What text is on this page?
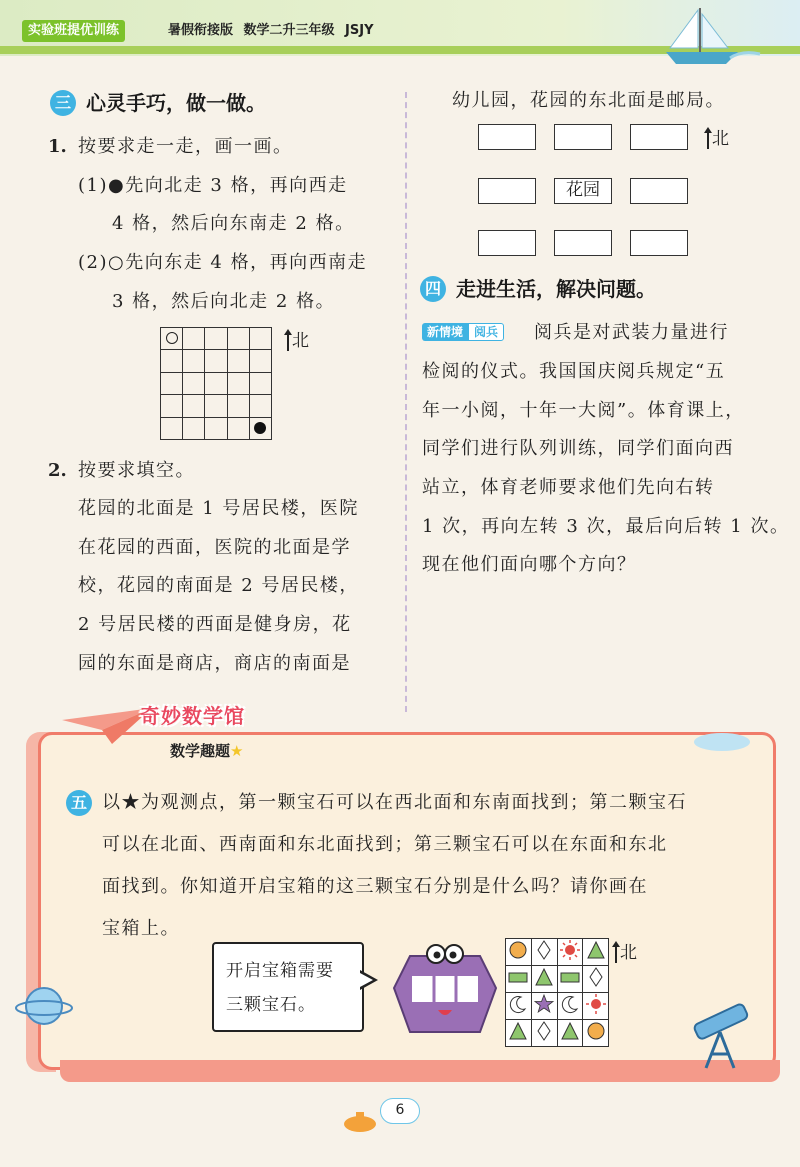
实验班提优训练	暑假衔接版 数学二升三年级 JSJY
三 心灵手巧，做一做。
1. 按要求走一走，画一画。
(1)●先向北走 3 格，再向西走
4 格，然后向东南走 2 格。
(2)○先向东走 4 格，再向西南走
3 格，然后向北走 2 格。

北
2. 按要求填空。
花园的北面是 1 号居民楼，医院
在花园的西面，医院的北面是学
校，花园的南面是 2 号居民楼，
2 号居民楼的西面是健身房，花
园的东面是商店，商店的南面是
幼儿园，花园的东北面是邮局。
花园
北
四 走进生活，解决问题。
新情境 阅兵	阅兵是对武装力量进行
检阅的仪式。我国国庆阅兵规定“五
年一小阅，十年一大阅”。体育课上，
同学们进行队列训练，同学们面向西
站立，体育老师要求他们先向右转
1 次，再向左转 3 次，最后向后转 1 次。
现在他们面向哪个方向？
奇妙数学馆
数学趣题★
五 以★为观测点，第一颗宝石可以在西北面和东南面找到；第二颗宝石
可以在北面、西南面和东北面找到；第三颗宝石可以在东面和东北
面找到。你知道开启宝箱的这三颗宝石分别是什么吗？请你画在
宝箱上。
开启宝箱需要
三颗宝石。

北
6
